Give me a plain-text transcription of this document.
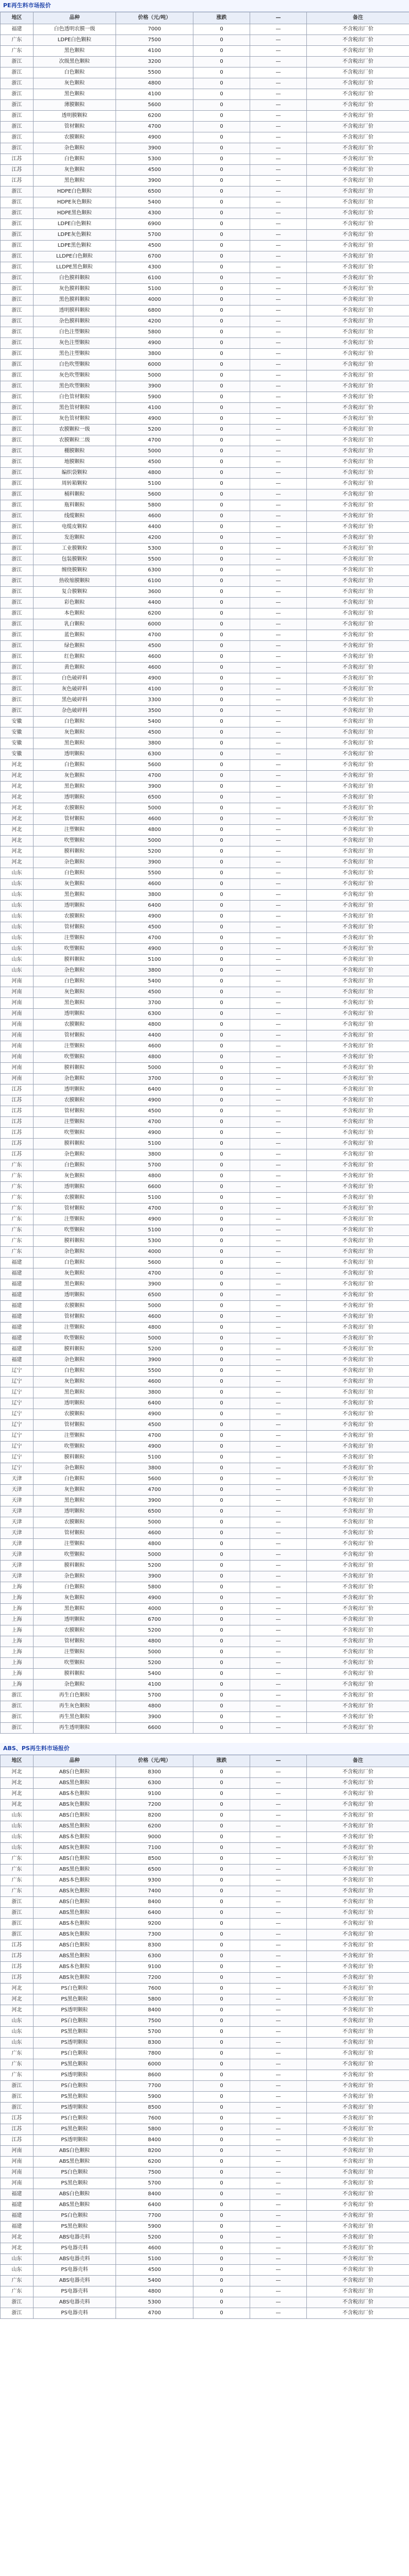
PE再生料市场报价
地区	品种	价格（元/吨）	涨跌	—	备注
福建	白色透明农膜一级	7000	0	—	不含税出厂价
广东	LDPE白色颗粒	7500	0	—	不含税出厂价
广东	黑色颗粒	4100	0	—	不含税出厂价
浙江	次级黑色颗粒	3200	0	—	不含税出厂价
浙江	白色颗粒	5500	0	—	不含税出厂价
浙江	灰色颗粒	4800	0	—	不含税出厂价
浙江	黑色颗粒	4100	0	—	不含税出厂价
浙江	薄膜颗粒	5600	0	—	不含税出厂价
浙江	透明膜颗粒	6200	0	—	不含税出厂价
浙江	管材颗粒	4700	0	—	不含税出厂价
浙江	农膜颗粒	4900	0	—	不含税出厂价
浙江	杂色颗粒	3900	0	—	不含税出厂价
江苏	白色颗粒	5300	0	—	不含税出厂价
江苏	灰色颗粒	4500	0	—	不含税出厂价
江苏	黑色颗粒	3900	0	—	不含税出厂价
浙江	HDPE白色颗粒	6500	0	—	不含税出厂价
浙江	HDPE灰色颗粒	5400	0	—	不含税出厂价
浙江	HDPE黑色颗粒	4300	0	—	不含税出厂价
浙江	LDPE白色颗粒	6900	0	—	不含税出厂价
浙江	LDPE灰色颗粒	5700	0	—	不含税出厂价
浙江	LDPE黑色颗粒	4500	0	—	不含税出厂价
浙江	LLDPE白色颗粒	6700	0	—	不含税出厂价
浙江	LLDPE黑色颗粒	4300	0	—	不含税出厂价
浙江	白色膜料颗粒	6100	0	—	不含税出厂价
浙江	灰色膜料颗粒	5100	0	—	不含税出厂价
浙江	黑色膜料颗粒	4000	0	—	不含税出厂价
浙江	透明膜料颗粒	6800	0	—	不含税出厂价
浙江	杂色膜料颗粒	4200	0	—	不含税出厂价
浙江	白色注塑颗粒	5800	0	—	不含税出厂价
浙江	灰色注塑颗粒	4900	0	—	不含税出厂价
浙江	黑色注塑颗粒	3800	0	—	不含税出厂价
浙江	白色吹塑颗粒	6000	0	—	不含税出厂价
浙江	灰色吹塑颗粒	5000	0	—	不含税出厂价
浙江	黑色吹塑颗粒	3900	0	—	不含税出厂价
浙江	白色管材颗粒	5900	0	—	不含税出厂价
浙江	黑色管材颗粒	4100	0	—	不含税出厂价
浙江	灰色管材颗粒	4900	0	—	不含税出厂价
浙江	农膜颗粒一级	5200	0	—	不含税出厂价
浙江	农膜颗粒二级	4700	0	—	不含税出厂价
浙江	棚膜颗粒	5000	0	—	不含税出厂价
浙江	地膜颗粒	4500	0	—	不含税出厂价
浙江	编织袋颗粒	4800	0	—	不含税出厂价
浙江	周转箱颗粒	5100	0	—	不含税出厂价
浙江	桶料颗粒	5600	0	—	不含税出厂价
浙江	瓶料颗粒	5800	0	—	不含税出厂价
浙江	线缆颗粒	4600	0	—	不含税出厂价
浙江	电缆皮颗粒	4400	0	—	不含税出厂价
浙江	发泡颗粒	4200	0	—	不含税出厂价
浙江	工业膜颗粒	5300	0	—	不含税出厂价
浙江	包装膜颗粒	5500	0	—	不含税出厂价
浙江	缠绕膜颗粒	6300	0	—	不含税出厂价
浙江	热收缩膜颗粒	6100	0	—	不含税出厂价
浙江	复合膜颗粒	3600	0	—	不含税出厂价
浙江	彩色颗粒	4400	0	—	不含税出厂价
浙江	本色颗粒	6200	0	—	不含税出厂价
浙江	乳白颗粒	6000	0	—	不含税出厂价
浙江	蓝色颗粒	4700	0	—	不含税出厂价
浙江	绿色颗粒	4500	0	—	不含税出厂价
浙江	红色颗粒	4600	0	—	不含税出厂价
浙江	黄色颗粒	4600	0	—	不含税出厂价
浙江	白色破碎料	4900	0	—	不含税出厂价
浙江	灰色破碎料	4100	0	—	不含税出厂价
浙江	黑色破碎料	3300	0	—	不含税出厂价
浙江	杂色破碎料	3500	0	—	不含税出厂价
安徽	白色颗粒	5400	0	—	不含税出厂价
安徽	灰色颗粒	4500	0	—	不含税出厂价
安徽	黑色颗粒	3800	0	—	不含税出厂价
安徽	透明颗粒	6300	0	—	不含税出厂价
河北	白色颗粒	5600	0	—	不含税出厂价
河北	灰色颗粒	4700	0	—	不含税出厂价
河北	黑色颗粒	3900	0	—	不含税出厂价
河北	透明颗粒	6500	0	—	不含税出厂价
河北	农膜颗粒	5000	0	—	不含税出厂价
河北	管材颗粒	4600	0	—	不含税出厂价
河北	注塑颗粒	4800	0	—	不含税出厂价
河北	吹塑颗粒	5000	0	—	不含税出厂价
河北	膜料颗粒	5200	0	—	不含税出厂价
河北	杂色颗粒	3900	0	—	不含税出厂价
山东	白色颗粒	5500	0	—	不含税出厂价
山东	灰色颗粒	4600	0	—	不含税出厂价
山东	黑色颗粒	3800	0	—	不含税出厂价
山东	透明颗粒	6400	0	—	不含税出厂价
山东	农膜颗粒	4900	0	—	不含税出厂价
山东	管材颗粒	4500	0	—	不含税出厂价
山东	注塑颗粒	4700	0	—	不含税出厂价
山东	吹塑颗粒	4900	0	—	不含税出厂价
山东	膜料颗粒	5100	0	—	不含税出厂价
山东	杂色颗粒	3800	0	—	不含税出厂价
河南	白色颗粒	5400	0	—	不含税出厂价
河南	灰色颗粒	4500	0	—	不含税出厂价
河南	黑色颗粒	3700	0	—	不含税出厂价
河南	透明颗粒	6300	0	—	不含税出厂价
河南	农膜颗粒	4800	0	—	不含税出厂价
河南	管材颗粒	4400	0	—	不含税出厂价
河南	注塑颗粒	4600	0	—	不含税出厂价
河南	吹塑颗粒	4800	0	—	不含税出厂价
河南	膜料颗粒	5000	0	—	不含税出厂价
河南	杂色颗粒	3700	0	—	不含税出厂价
江苏	透明颗粒	6400	0	—	不含税出厂价
江苏	农膜颗粒	4900	0	—	不含税出厂价
江苏	管材颗粒	4500	0	—	不含税出厂价
江苏	注塑颗粒	4700	0	—	不含税出厂价
江苏	吹塑颗粒	4900	0	—	不含税出厂价
江苏	膜料颗粒	5100	0	—	不含税出厂价
江苏	杂色颗粒	3800	0	—	不含税出厂价
广东	白色颗粒	5700	0	—	不含税出厂价
广东	灰色颗粒	4800	0	—	不含税出厂价
广东	透明颗粒	6600	0	—	不含税出厂价
广东	农膜颗粒	5100	0	—	不含税出厂价
广东	管材颗粒	4700	0	—	不含税出厂价
广东	注塑颗粒	4900	0	—	不含税出厂价
广东	吹塑颗粒	5100	0	—	不含税出厂价
广东	膜料颗粒	5300	0	—	不含税出厂价
广东	杂色颗粒	4000	0	—	不含税出厂价
福建	白色颗粒	5600	0	—	不含税出厂价
福建	灰色颗粒	4700	0	—	不含税出厂价
福建	黑色颗粒	3900	0	—	不含税出厂价
福建	透明颗粒	6500	0	—	不含税出厂价
福建	农膜颗粒	5000	0	—	不含税出厂价
福建	管材颗粒	4600	0	—	不含税出厂价
福建	注塑颗粒	4800	0	—	不含税出厂价
福建	吹塑颗粒	5000	0	—	不含税出厂价
福建	膜料颗粒	5200	0	—	不含税出厂价
福建	杂色颗粒	3900	0	—	不含税出厂价
辽宁	白色颗粒	5500	0	—	不含税出厂价
辽宁	灰色颗粒	4600	0	—	不含税出厂价
辽宁	黑色颗粒	3800	0	—	不含税出厂价
辽宁	透明颗粒	6400	0	—	不含税出厂价
辽宁	农膜颗粒	4900	0	—	不含税出厂价
辽宁	管材颗粒	4500	0	—	不含税出厂价
辽宁	注塑颗粒	4700	0	—	不含税出厂价
辽宁	吹塑颗粒	4900	0	—	不含税出厂价
辽宁	膜料颗粒	5100	0	—	不含税出厂价
辽宁	杂色颗粒	3800	0	—	不含税出厂价
天津	白色颗粒	5600	0	—	不含税出厂价
天津	灰色颗粒	4700	0	—	不含税出厂价
天津	黑色颗粒	3900	0	—	不含税出厂价
天津	透明颗粒	6500	0	—	不含税出厂价
天津	农膜颗粒	5000	0	—	不含税出厂价
天津	管材颗粒	4600	0	—	不含税出厂价
天津	注塑颗粒	4800	0	—	不含税出厂价
天津	吹塑颗粒	5000	0	—	不含税出厂价
天津	膜料颗粒	5200	0	—	不含税出厂价
天津	杂色颗粒	3900	0	—	不含税出厂价
上海	白色颗粒	5800	0	—	不含税出厂价
上海	灰色颗粒	4900	0	—	不含税出厂价
上海	黑色颗粒	4000	0	—	不含税出厂价
上海	透明颗粒	6700	0	—	不含税出厂价
上海	农膜颗粒	5200	0	—	不含税出厂价
上海	管材颗粒	4800	0	—	不含税出厂价
上海	注塑颗粒	5000	0	—	不含税出厂价
上海	吹塑颗粒	5200	0	—	不含税出厂价
上海	膜料颗粒	5400	0	—	不含税出厂价
上海	杂色颗粒	4100	0	—	不含税出厂价
浙江	再生白色颗粒	5700	0	—	不含税出厂价
浙江	再生灰色颗粒	4800	0	—	不含税出厂价
浙江	再生黑色颗粒	3900	0	—	不含税出厂价
浙江	再生透明颗粒	6600	0	—	不含税出厂价
ABS、PS再生料市场报价
地区	品种	价格（元/吨）	涨跌	—	备注
河北	ABS白色颗粒	8300	0	—	不含税出厂价
河北	ABS黑色颗粒	6300	0	—	不含税出厂价
河北	ABS本色颗粒	9100	0	—	不含税出厂价
河北	ABS灰色颗粒	7200	0	—	不含税出厂价
山东	ABS白色颗粒	8200	0	—	不含税出厂价
山东	ABS黑色颗粒	6200	0	—	不含税出厂价
山东	ABS本色颗粒	9000	0	—	不含税出厂价
山东	ABS灰色颗粒	7100	0	—	不含税出厂价
广东	ABS白色颗粒	8500	0	—	不含税出厂价
广东	ABS黑色颗粒	6500	0	—	不含税出厂价
广东	ABS本色颗粒	9300	0	—	不含税出厂价
广东	ABS灰色颗粒	7400	0	—	不含税出厂价
浙江	ABS白色颗粒	8400	0	—	不含税出厂价
浙江	ABS黑色颗粒	6400	0	—	不含税出厂价
浙江	ABS本色颗粒	9200	0	—	不含税出厂价
浙江	ABS灰色颗粒	7300	0	—	不含税出厂价
江苏	ABS白色颗粒	8300	0	—	不含税出厂价
江苏	ABS黑色颗粒	6300	0	—	不含税出厂价
江苏	ABS本色颗粒	9100	0	—	不含税出厂价
江苏	ABS灰色颗粒	7200	0	—	不含税出厂价
河北	PS白色颗粒	7600	0	—	不含税出厂价
河北	PS黑色颗粒	5800	0	—	不含税出厂价
河北	PS透明颗粒	8400	0	—	不含税出厂价
山东	PS白色颗粒	7500	0	—	不含税出厂价
山东	PS黑色颗粒	5700	0	—	不含税出厂价
山东	PS透明颗粒	8300	0	—	不含税出厂价
广东	PS白色颗粒	7800	0	—	不含税出厂价
广东	PS黑色颗粒	6000	0	—	不含税出厂价
广东	PS透明颗粒	8600	0	—	不含税出厂价
浙江	PS白色颗粒	7700	0	—	不含税出厂价
浙江	PS黑色颗粒	5900	0	—	不含税出厂价
浙江	PS透明颗粒	8500	0	—	不含税出厂价
江苏	PS白色颗粒	7600	0	—	不含税出厂价
江苏	PS黑色颗粒	5800	0	—	不含税出厂价
江苏	PS透明颗粒	8400	0	—	不含税出厂价
河南	ABS白色颗粒	8200	0	—	不含税出厂价
河南	ABS黑色颗粒	6200	0	—	不含税出厂价
河南	PS白色颗粒	7500	0	—	不含税出厂价
河南	PS黑色颗粒	5700	0	—	不含税出厂价
福建	ABS白色颗粒	8400	0	—	不含税出厂价
福建	ABS黑色颗粒	6400	0	—	不含税出厂价
福建	PS白色颗粒	7700	0	—	不含税出厂价
福建	PS黑色颗粒	5900	0	—	不含税出厂价
河北	ABS电器壳料	5200	0	—	不含税出厂价
河北	PS电器壳料	4600	0	—	不含税出厂价
山东	ABS电器壳料	5100	0	—	不含税出厂价
山东	PS电器壳料	4500	0	—	不含税出厂价
广东	ABS电器壳料	5400	0	—	不含税出厂价
广东	PS电器壳料	4800	0	—	不含税出厂价
浙江	ABS电器壳料	5300	0	—	不含税出厂价
浙江	PS电器壳料	4700	0	—	不含税出厂价
